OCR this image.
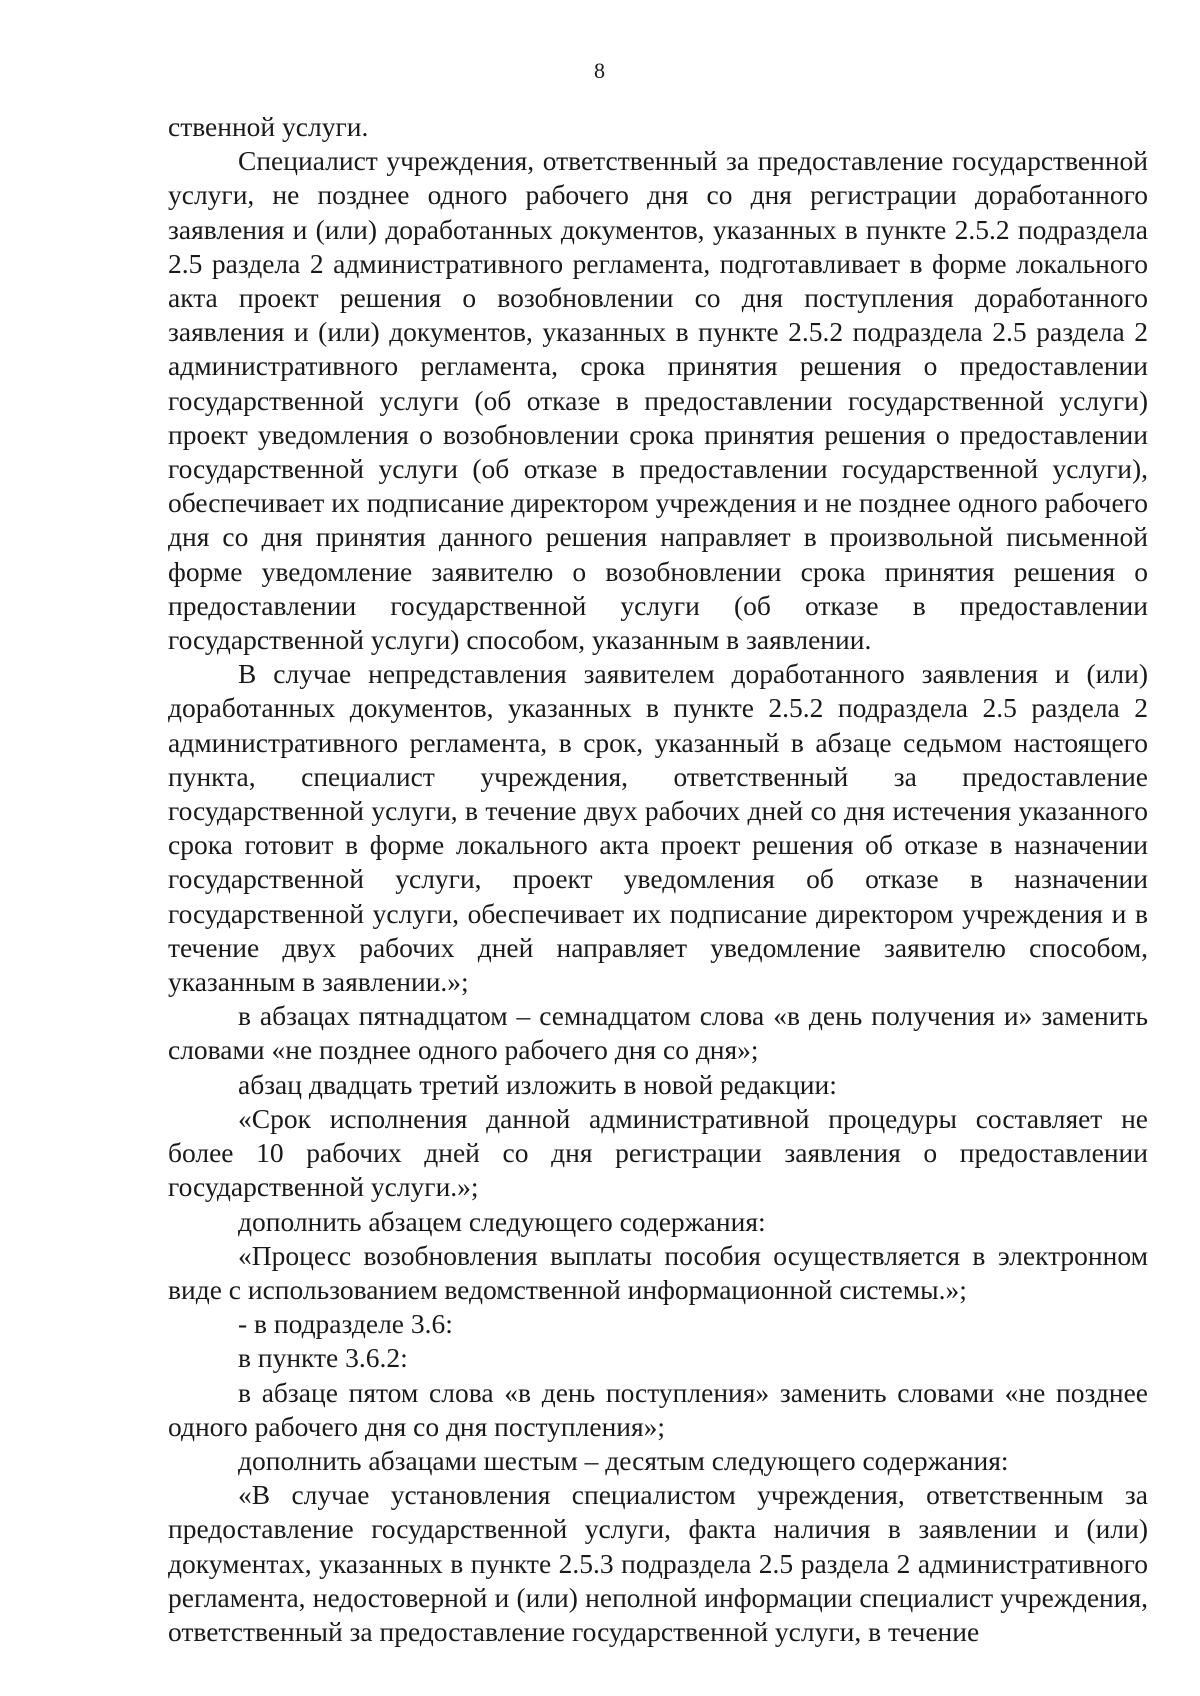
8

ственной услуги.

Специалист учреждения, ответственный за предоставление государственной услуги, не позднее одного рабочего дня со дня регистрации доработанного заявления и (или) доработанных документов, указанных в пункте 2.5.2 подраздела 2.5 раздела 2 административного регламента, подготавливает в форме локального акта проект решения о возобновлении со дня поступления доработанного заявления и (или) документов, указанных в пункте 2.5.2 подраздела 2.5 раздела 2 административного регламента, срока принятия решения о предоставлении государственной услуги (об отказе в предоставлении государственной услуги) проект уведомления о возобновлении срока принятия решения о предоставлении государственной услуги (об отказе в предоставлении государственной услуги), обеспечивает их подписание директором учреждения и не позднее одного рабочего дня со дня принятия данного решения направляет в произвольной письменной форме уведомление заявителю о возобновлении срока принятия решения о предоставлении государственной услуги (об отказе в предоставлении государственной услуги) способом, указанным в заявлении.

В случае непредставления заявителем доработанного заявления и (или) доработанных документов, указанных в пункте 2.5.2 подраздела 2.5 раздела 2 административного регламента, в срок, указанный в абзаце седьмом настоящего пункта, специалист учреждения, ответственный за предоставление государственной услуги, в течение двух рабочих дней со дня истечения указанного срока готовит в форме локального акта проект решения об отказе в назначении государственной услуги, проект уведомления об отказе в назначении государственной услуги, обеспечивает их подписание директором учреждения и в течение двух рабочих дней направляет уведомление заявителю способом, указанным в заявлении.»;

в абзацах пятнадцатом – семнадцатом слова «в день получения и» заменить словами «не позднее одного рабочего дня со дня»;

абзац двадцать третий изложить в новой редакции:

«Срок исполнения данной административной процедуры составляет не более 10 рабочих дней со дня регистрации заявления о предоставлении государственной услуги.»;

дополнить абзацем следующего содержания:

«Процесс возобновления выплаты пособия осуществляется в электронном виде с использованием ведомственной информационной системы.»;

- в подразделе 3.6:

в пункте 3.6.2:

в абзаце пятом слова «в день поступления» заменить словами «не позднее одного рабочего дня со дня поступления»;

дополнить абзацами шестым – десятым следующего содержания:

«В случае установления специалистом учреждения, ответственным за предоставление государственной услуги, факта наличия в заявлении и (или) документах, указанных в пункте 2.5.3 подраздела 2.5 раздела 2 административного регламента, недостоверной и (или) неполной информации специалист учреждения, ответственный за предоставление государственной услуги, в течение
